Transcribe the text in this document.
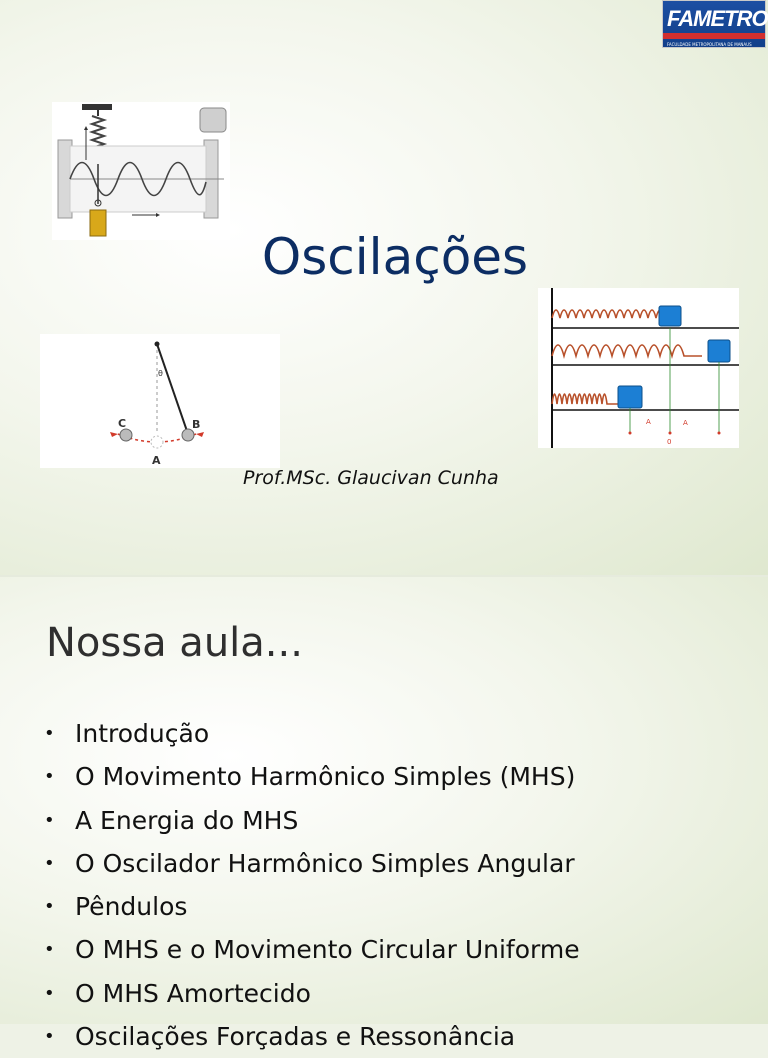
FAMETRO
FACULDADE METROPOLITANA DE MANAUS
Oscilações
C	B
A
θ
A	A
0
Prof.MSc. Glaucivan Cunha
Nossa aula...
• Introdução
• O Movimento Harmônico Simples (MHS)
• A Energia do MHS
• O Oscilador Harmônico Simples Angular
• Pêndulos
• O MHS e o Movimento Circular Uniforme
• O MHS Amortecido
• Oscilações Forçadas e Ressonância
